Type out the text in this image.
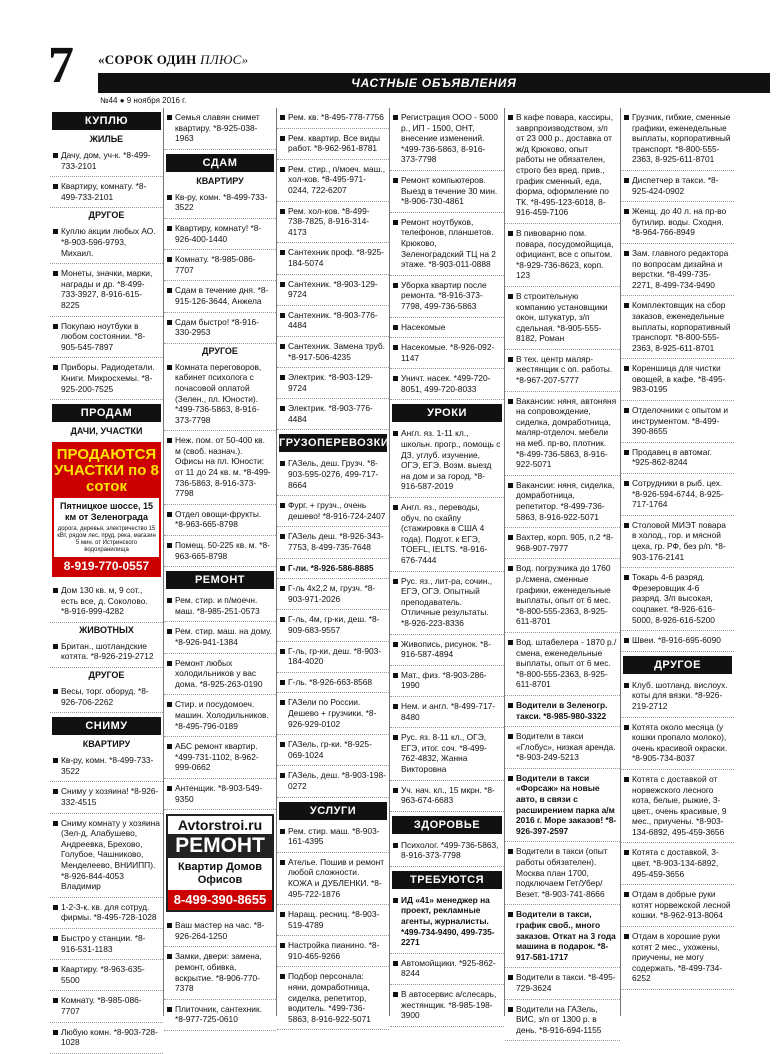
7 «СОРОК ОДИН ПЛЮС»
ЧАСТНЫЕ ОБЪЯВЛЕНИЯ
№44 ● 9 ноября 2016 г.
КУПЛЮ
ЖИЛЬЕ
Дачу, дом, уч-к. *8-499-733-2101
Квартиру, комнату. *8-499-733-2101
ДРУГОЕ
Куплю акции любых АО. *8-903-596-9793, Михаил.
Монеты, значки, марки, награды и др. *8-499-733-3927, 8-916-615-8225
Покупаю ноутбуки в любом состоянии. *8-905-545-7897
Приборы. Радиодетали. Книги. Микросхемы. *8-925-200-7525
ПРОДАМ
ДАЧИ, УЧАСТКИ
ПРОДАЮТСЯ УЧАСТКИ по 8 соток
Пятницкое шоссе, 15 км от Зеленограда
дорога, деревья, электричество 15 кВт, рядом лес, пруд, река, магазин 5 мин. от Истринского водохранилища
8-919-770-0557
Дом 130 кв. м, 9 сот., есть все, д. Соколово. *8-916-999-4282
ЖИВОТНЫХ
Британ., шотландские котята. *8-926-219-2712
ДРУГОЕ
Весы, торг. оборуд. *8-926-706-2262
СНИМУ
КВАРТИРУ
Кв-ру, комн. *8-499-733-3522
Сниму у хозяина! *8-926-332-4515
Сниму комнату у хозяина (Зел-д, Алабушево, Андреевка, Брехово, Голубое, Чашниково, Менделеево, ВНИИПП). *8-926-844-4053 Владимир
1-2-3-к. кв. для сотруд. фирмы. *8-495-728-1028
Быстро у станции. *8-916-531-1183
Квартиру. *8-963-635-5500
Комнату. *8-985-086-7707
Любую комн. *8-903-728-1028
Семья славян снимет квартиру. *8-925-038-1963
СДАМ
КВАРТИРУ
Кв-ру, комн. *8-499-733-3522
Квартиру, комнату! *8-926-400-1440
Комнату. *8-985-086-7707
Сдам в течение дня. *8-915-126-3644, Анжела
Сдам быстро! *8-916-330-2953
ДРУГОЕ
Комната переговоров, кабинет психолога с почасовой оплатой (Зелен., пл. Юности). *499-736-5863, 8-916-373-7798
Неж. пом. от 50-400 кв. м (своб. назнач.). Офисы на пл. Юности: от 11 до 24 кв. м. *8-499-736-5863, 8-916-373-7798
Отдел овощи-фрукты. *8-963-665-8798
Помещ. 50-225 кв. м. *8-963-665-8798
РЕМОНТ
Рем. стир. и п/моечн. маш. *8-985-251-0573
Рем. стир. маш. на дому. *8-926-941-1384
Ремонт любых холодильников у вас дома. *8-925-263-0190
Стир. и посудомоеч. машин. Холодильников. *8-495-796-0189
АБС ремонт квартир. *499-731-1102, 8-962-999-0662
Антенщик. *8-903-549-9350
Avtorstroi.ru
РЕМОНТ
Квартир Домов Офисов
8-499-390-8655
Ваш мастер на час. *8-926-264-1250
Замки, двери: замена, ремонт, обивка, вскрытие. *8-906-770-7378
Плиточник, сантехник. *8-977-725-0610
Рем. кв. *8-495-778-7756
Рем. квартир. Все виды работ. *8-962-961-8781
Рем. стир., п/моеч. маш., хол-ков. *8-495-971-0244, 722-6207
Рем. хол-ков. *8-499-738-7825, 8-916-314-4173
Сантехник проф. *8-925-184-5074
Сантехник. *8-903-129-9724
Сантехник. *8-903-776-4484
Сантехник. Замена труб. *8-917-506-4235
Электрик. *8-903-129-9724
Электрик. *8-903-776-4484
ГРУЗОПЕРЕВОЗКИ
ГАЗель, деш. Грузч. *8-903-595-0276, 499-717-8664
Фург. + грузч., очень дешево! *8-916-724-2407
ГАЗель деш. *8-926-343-7753, 8-499-735-7648
Г-ли. *8-926-586-8885
Г-ль 4х2,2 м, грузч. *8-903-971-2026
Г-ль, 4м, гр-ки, деш. *8-909-683-9557
Г-ль, гр-ки, деш. *8-903-184-4020
Г-ль. *8-926-663-8568
ГАЗели по России. Дешево + грузчики. *8-926-929-0102
ГАЗель, гр-ки. *8-925-069-1024
ГАЗель, деш. *8-903-198-0272
УСЛУГИ
Рем. стир. маш. *8-903-161-4395
Ателье. Пошив и ремонт любой сложности. КОЖА и ДУБЛЕНКИ. *8-495-722-1876
Наращ. ресниц. *8-903-519-4789
Настройка пианино. *8-910-465-9266
Подбор персонала: няни, домработница, сиделка, репетитор, водитель. *499-736-5863, 8-916-922-5071
Регистрация ООО - 5000 р., ИП - 1500, ОНТ, внесение изменений. *499-736-5863, 8-916-373-7798
Ремонт компьютеров. Выезд в течение 30 мин. *8-906-730-4861
Ремонт ноутбуков, телефонов, планшетов. Крюково, Зеленоградский ТЦ на 2 этаже. *8-903-011-0888
Уборка квартир после ремонта. *8-916-373-7798, 499-736-5863
Насекомые
Насекомые. *8-926-092-1147
Уничт. насек. *499-720-8051, 499-720-8033
УРОКИ
Англ. яз. 1-11 кл., школьн. прогр., помощь с ДЗ, углуб. изучение, ОГЭ, ЕГЭ. Возм. выезд на дом и за город. *8-916-587-2019
Англ. яз., переводы, обуч. по скайпу (стажировка в США 4 года). Подгот. к ЕГЭ, TOEFL, IELTS. *8-916-676-7444
Рус. яз., лит-ра, сочин., ЕГЭ, ОГЭ. Опытный преподаватель. Отличные результаты. *8-926-223-8336
Живопись, рисунок. *8-916-587-4894
Мат., физ. *8-903-286-1990
Нем. и англ. *8-499-717-8480
Рус. яз. 8-11 кл., ОГЭ, ЕГЭ, итог. соч. *8-499-762-4832, Жанна Викторовна
Уч. нач. кл., 15 мкрн. *8-963-674-6683
ЗДОРОВЬЕ
Психолог. *499-736-5863, 8-916-373-7798
ТРЕБУЮТСЯ
ИД «41» менеджер на проект, рекламные агенты, журналисты. *499-734-9490, 499-735-2271
Автомойщики. *925-862-8244
В автосервис а/слесарь, жестянщик. *8-985-198-3900
В кафе повара, кассиры, заврпроизводством, з/п от 23 000 р., доставка от ж/д Крюково, опыт работы не обязателен, строго без вред. прив., график сменный, еда, форма, оформление по ТК. *8-495-123-6018, 8-916-459-7106
В пивоварню пом. повара, посудомойщица, официант, все с опытом. *8-929-736-8623, корп. 123
В строительную компанию установщики окон, штукатур, з/п сдельная. *8-905-555-8182, Роман
В тех. центр маляр-жестянщик с оп. работы. *8-967-207-5777
Вакансии: няня, автоняня на сопровождение, сиделка, домработница, маляр-отделоч. мебели на меб. пр-во, плотник. *8-499-736-5863, 8-916-922-5071
Вакансии: няня, сиделка, домработница, репетитор. *8-499-736-5863, 8-916-922-5071
Вахтер, корп. 905, п.2 *8-968-907-7977
Вод. погрузчика до 1760 р./смена, сменные графики, еженедельные выплаты, опыт от 6 мес. *8-800-555-2363, 8-925-611-8701
Вод. штабелера - 1870 р./смена, еженедельные выплаты, опыт от 6 мес. *8-800-555-2363, 8-925-611-8701
Водители в Зеленогр. такси. *8-985-980-3322
Водители в такси «Глобус», низкая аренда. *8-903-249-5213
Водители в такси «Форсаж» на новые авто, в связи с расширением парка а/м 2016 г. Море заказов! *8-926-397-2597
Водители в такси (опыт работы обязателен). Москва план 1700, подключаем Гет/Убер/Везет. *8-903-741-8666
Водители в такси, график своб., много заказов. Откат на 3 года машина в подарок. *8-917-581-1717
Водители в такси. *8-495-729-3624
Водители на ГАЗель, ВИС, з/п от 1300 р. в день. *8-916-694-1155
Грузчик, гибкие, сменные графики, еженедельные выплаты, корпоративный транспорт. *8-800-555-2363, 8-925-611-8701
Диспетчер в такси. *8-925-424-0902
Женщ. до 40 л. на пр-во бутилир. воды. Сходня. *8-964-766-8949
Зам. главного редактора по вопросам дизайна и верстки. *8-499-735-2271, 8-499-734-9490
Комплектовщик на сбор заказов, еженедельные выплаты, корпоративный транспорт. *8-800-555-2363, 8-925-611-8701
Кореншица для чистки овощей, в кафе. *8-495-983-0195
Отделочники с опытом и инструментом. *8-499-390-8655
Продавец в автомаг. *925-862-8244
Сотрудники в рыб. цех. *8-926-594-6744, 8-925-717-1764
Столовой МИЭТ повара в холод., гор. и мясной цеха, гр. РФ, без р/п. *8-903-176-2141
Токарь 4-6 разряд. Фрезеровщик 4-6 разряд. З/п высокая, соцпакет. *8-926-616-5000, 8-926-616-5200
Швеи. *8-916-695-6090
ДРУГОЕ
Клуб. шотланд. вислоух. коты для вязки. *8-926-219-2712
Котята около месяца (у кошки пропало молоко), очень красивой окраски. *8-905-734-8037
Котята с доставкой от норвежского лесного кота, белые, рыжие, 3-цвет., очень красивые, 9 мес., приучены. *8-903-134-6892, 495-459-3656
Котята с доставкой, 3-цвет. *8-903-134-6892, 495-459-3656
Отдам в добрые руки котят норвежской лесной кошки. *8-962-913-8064
Отдам в хорошие руки котят 2 мес., ухожены, приучены, не могу содержать. *8-499-734-6252
